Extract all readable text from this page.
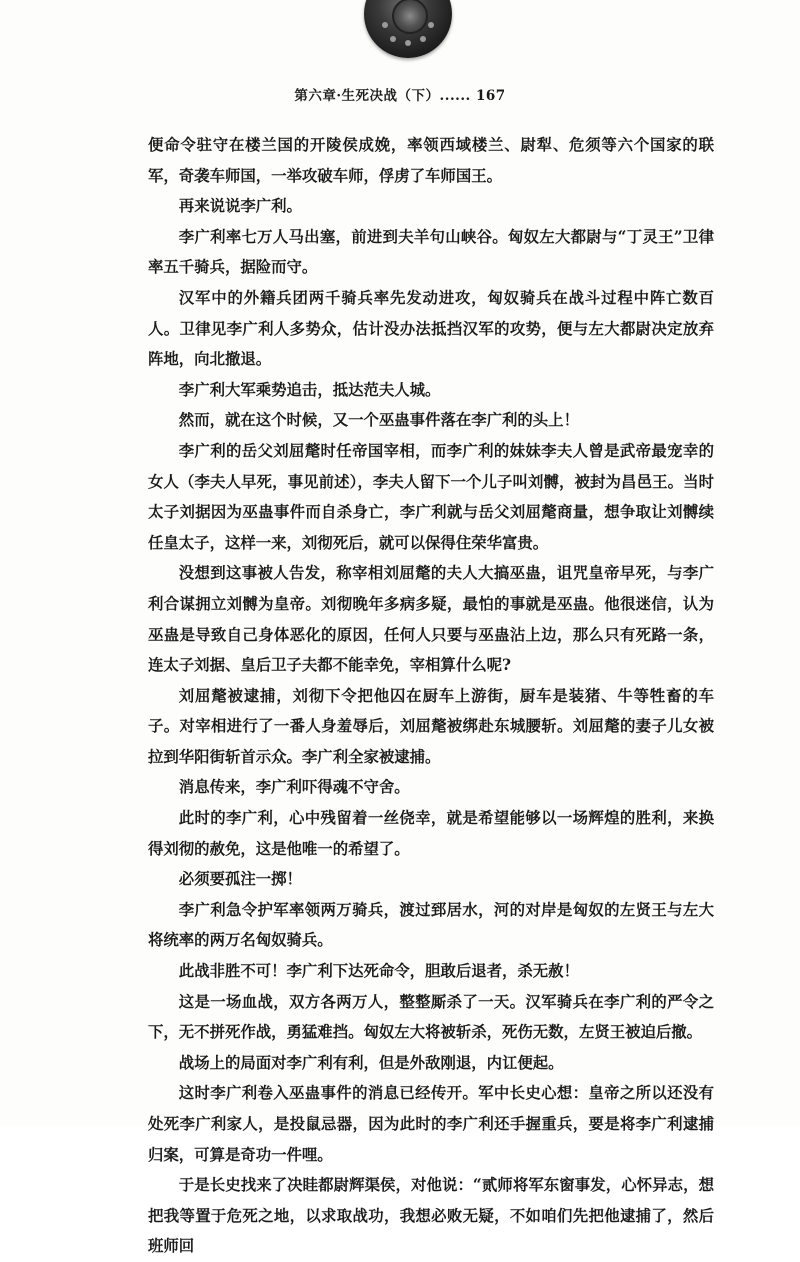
第六章·生死决战（下）...... 167

便命令驻守在楼兰国的开陵侯成娩，率领西域楼兰、尉犁、危须等六个国家的联军，奇袭车师国，一举攻破车师，俘虏了车师国王。

再来说说李广利。

李广利率七万人马出塞，前进到夫羊句山峡谷。匈奴左大都尉与“丁灵王”卫律率五千骑兵，据险而守。

汉军中的外籍兵团两千骑兵率先发动进攻，匈奴骑兵在战斗过程中阵亡数百人。卫律见李广利人多势众，估计没办法抵挡汉军的攻势，便与左大都尉决定放弃阵地，向北撤退。

李广利大军乘势追击，抵达范夫人城。

然而，就在这个时候，又一个巫蛊事件落在李广利的头上！

李广利的岳父刘屈氂时任帝国宰相，而李广利的妹妹李夫人曾是武帝最宠幸的女人（李夫人早死，事见前述），李夫人留下一个儿子叫刘髆，被封为昌邑王。当时太子刘据因为巫蛊事件而自杀身亡，李广利就与岳父刘屈氂商量，想争取让刘髆续任皇太子，这样一来，刘彻死后，就可以保得住荣华富贵。

没想到这事被人告发，称宰相刘屈氂的夫人大搞巫蛊，诅咒皇帝早死，与李广利合谋拥立刘髆为皇帝。刘彻晚年多病多疑，最怕的事就是巫蛊。他很迷信，认为巫蛊是导致自己身体恶化的原因，任何人只要与巫蛊沾上边，那么只有死路一条，连太子刘据、皇后卫子夫都不能幸免，宰相算什么呢?

刘屈氂被逮捕，刘彻下令把他囚在厨车上游街，厨车是装猪、牛等牲畜的车子。对宰相进行了一番人身羞辱后，刘屈氂被绑赴东城腰斩。刘屈氂的妻子儿女被拉到华阳街斩首示众。李广利全家被逮捕。

消息传来，李广利吓得魂不守舍。

此时的李广利，心中残留着一丝侥幸，就是希望能够以一场辉煌的胜利，来换得刘彻的赦免，这是他唯一的希望了。

必须要孤注一掷！

李广利急令护军率领两万骑兵，渡过郅居水，河的对岸是匈奴的左贤王与左大将统率的两万名匈奴骑兵。

此战非胜不可！李广利下达死命令，胆敢后退者，杀无赦！

这是一场血战，双方各两万人，整整厮杀了一天。汉军骑兵在李广利的严令之下，无不拼死作战，勇猛难挡。匈奴左大将被斩杀，死伤无数，左贤王被迫后撤。

战场上的局面对李广利有利，但是外敌刚退，内讧便起。

这时李广利卷入巫蛊事件的消息已经传开。军中长史心想：皇帝之所以还没有处死李广利家人，是投鼠忌器，因为此时的李广利还手握重兵，要是将李广利逮捕归案，可算是奇功一件哩。

于是长史找来了决眭都尉辉渠侯，对他说：“贰师将军东窗事发，心怀异志，想把我等置于危死之地，以求取战功，我想必败无疑，不如咱们先把他逮捕了，然后班师回
